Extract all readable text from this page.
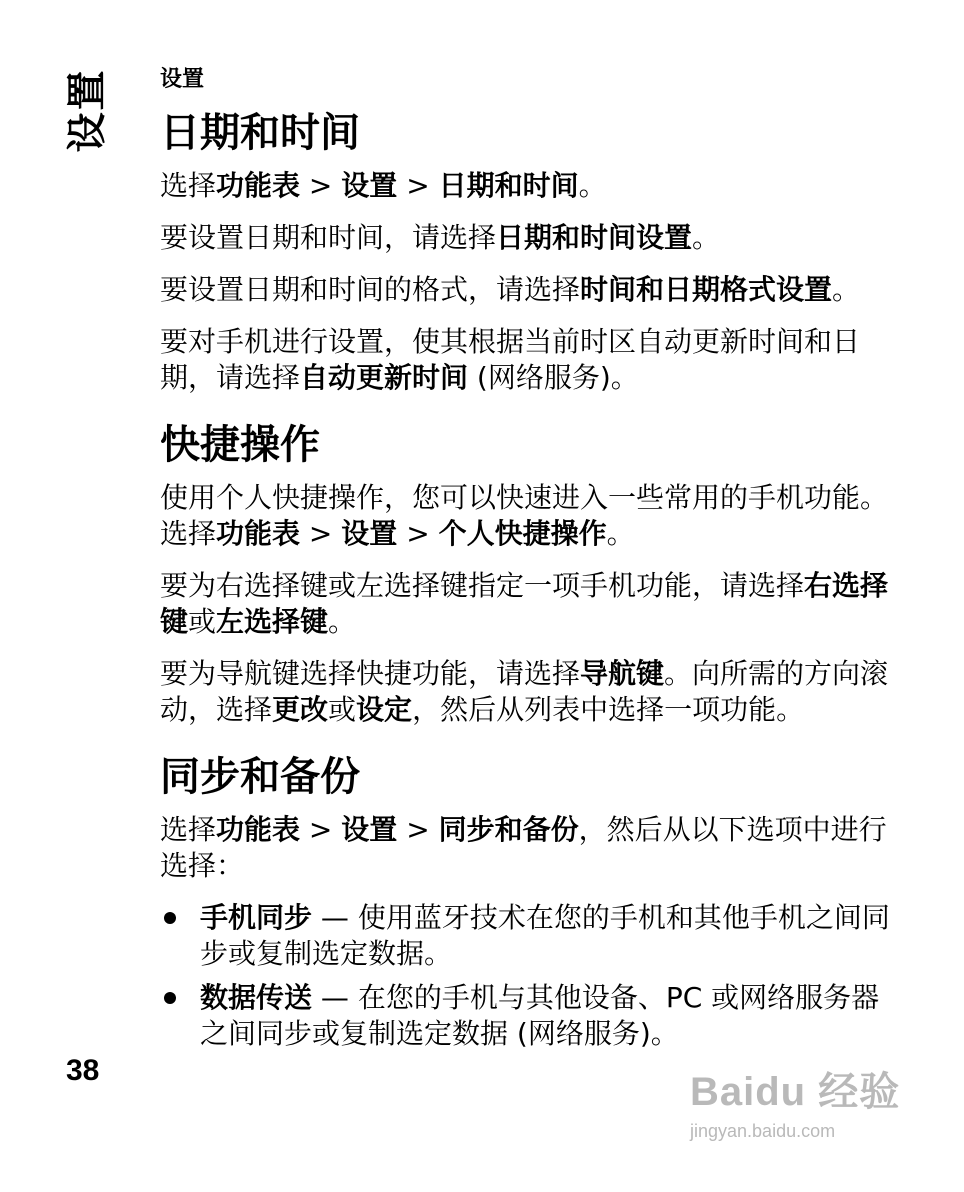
设置 设置
日期和时间

选择功能表 > 设置 > 日期和时间。

要设置日期和时间，请选择日期和时间设置。

要设置日期和时间的格式，请选择时间和日期格式设置。

要对手机进行设置，使其根据当前时区自动更新时间和日期，请选择自动更新时间 (网络服务)。

快捷操作

使用个人快捷操作，您可以快速进入一些常用的手机功能。选择功能表 > 设置 > 个人快捷操作。

要为右选择键或左选择键指定一项手机功能，请选择右选择键或左选择键。

要为导航键选择快捷功能，请选择导航键。向所需的方向滚动，选择更改或设定，然后从列表中选择一项功能。

同步和备份

选择功能表 > 设置 > 同步和备份，然后从以下选项中进行选择：

手机同步 — 使用蓝牙技术在您的手机和其他手机之间同步或复制选定数据。
数据传送 — 在您的手机与其他设备、PC 或网络服务器之间同步或复制选定数据 (网络服务)。
38	Baidu 经验
jingyan.baidu.com
